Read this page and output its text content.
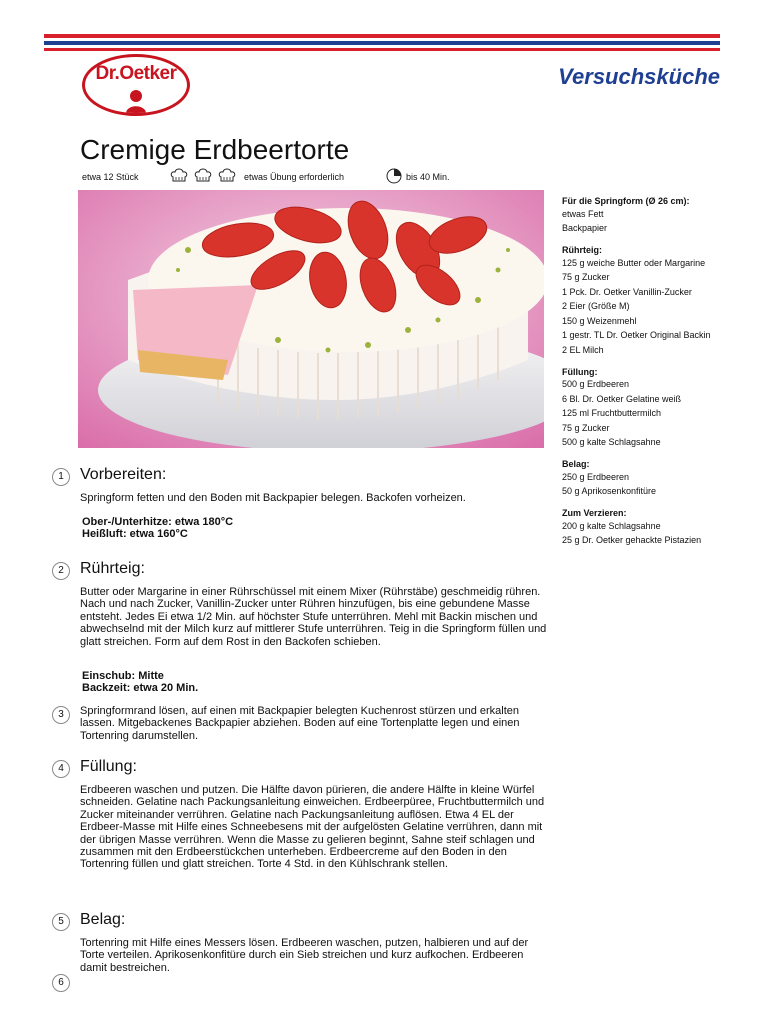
Dr.Oetker	Versuchsküche
Cremige Erdbeertorte
etwa 12 Stück	etwas Übung erforderlich	bis 40 Min.
Für die Springform (Ø 26 cm):
etwas Fett
Backpapier
Rührteig:
125 g weiche Butter oder Margarine
75 g Zucker
1 Pck. Dr. Oetker Vanillin-Zucker
2 Eier (Größe M)
150 g Weizenmehl
1 gestr. TL Dr. Oetker Original Backin
2 EL Milch
Füllung:
500 g Erdbeeren
6 Bl. Dr. Oetker Gelatine weiß
125 ml Fruchtbuttermilch
75 g Zucker
500 g kalte Schlagsahne
Belag:
250 g Erdbeeren
50 g Aprikosenkonfitüre
Zum Verzieren:
200 g kalte Schlagsahne
25 g Dr. Oetker gehackte Pistazien
1	Vorbereiten:
Springform fetten und den Boden mit Backpapier belegen. Backofen vorheizen.
Ober-/Unterhitze: etwa 180°C
Heißluft: etwa 160°C
2	Rührteig:
Butter oder Margarine in einer Rührschüssel mit einem Mixer (Rührstäbe) geschmeidig rühren. Nach und nach Zucker, Vanillin-Zucker unter Rühren hinzufügen, bis eine gebundene Masse entsteht. Jedes Ei etwa 1/2 Min. auf höchster Stufe unterrühren. Mehl mit Backin mischen und abwechselnd mit der Milch kurz auf mittlerer Stufe unterrühren. Teig in die Springform füllen und glatt streichen. Form auf dem Rost in den Backofen schieben.
Einschub: Mitte
Backzeit: etwa 20 Min.
3	Springformrand lösen, auf einen mit Backpapier belegten Kuchenrost stürzen und erkalten lassen. Mitgebackenes Backpapier abziehen. Boden auf eine Tortenplatte legen und einen Tortenring darumstellen.
4	Füllung:
Erdbeeren waschen und putzen. Die Hälfte davon pürieren, die andere Hälfte in kleine Würfel schneiden. Gelatine nach Packungsanleitung einweichen. Erdbeerpüree, Fruchtbuttermilch und Zucker miteinander verrühren. Gelatine nach Packungsanleitung auflösen. Etwa 4 EL der Erdbeer-Masse mit Hilfe eines Schneebesens mit der aufgelösten Gelatine verrühren, dann mit der übrigen Masse verrühren. Wenn die Masse zu gelieren beginnt, Sahne steif schlagen und zusammen mit den Erdbeerstückchen unterheben. Erdbeercreme auf den Boden in den Tortenring füllen und glatt streichen. Torte 4 Std. in den Kühlschrank stellen.
5	Belag:
Tortenring mit Hilfe eines Messers lösen. Erdbeeren waschen, putzen, halbieren und auf der Torte verteilen. Aprikosenkonfitüre durch ein Sieb streichen und kurz aufkochen. Erdbeeren damit bestreichen.
6
